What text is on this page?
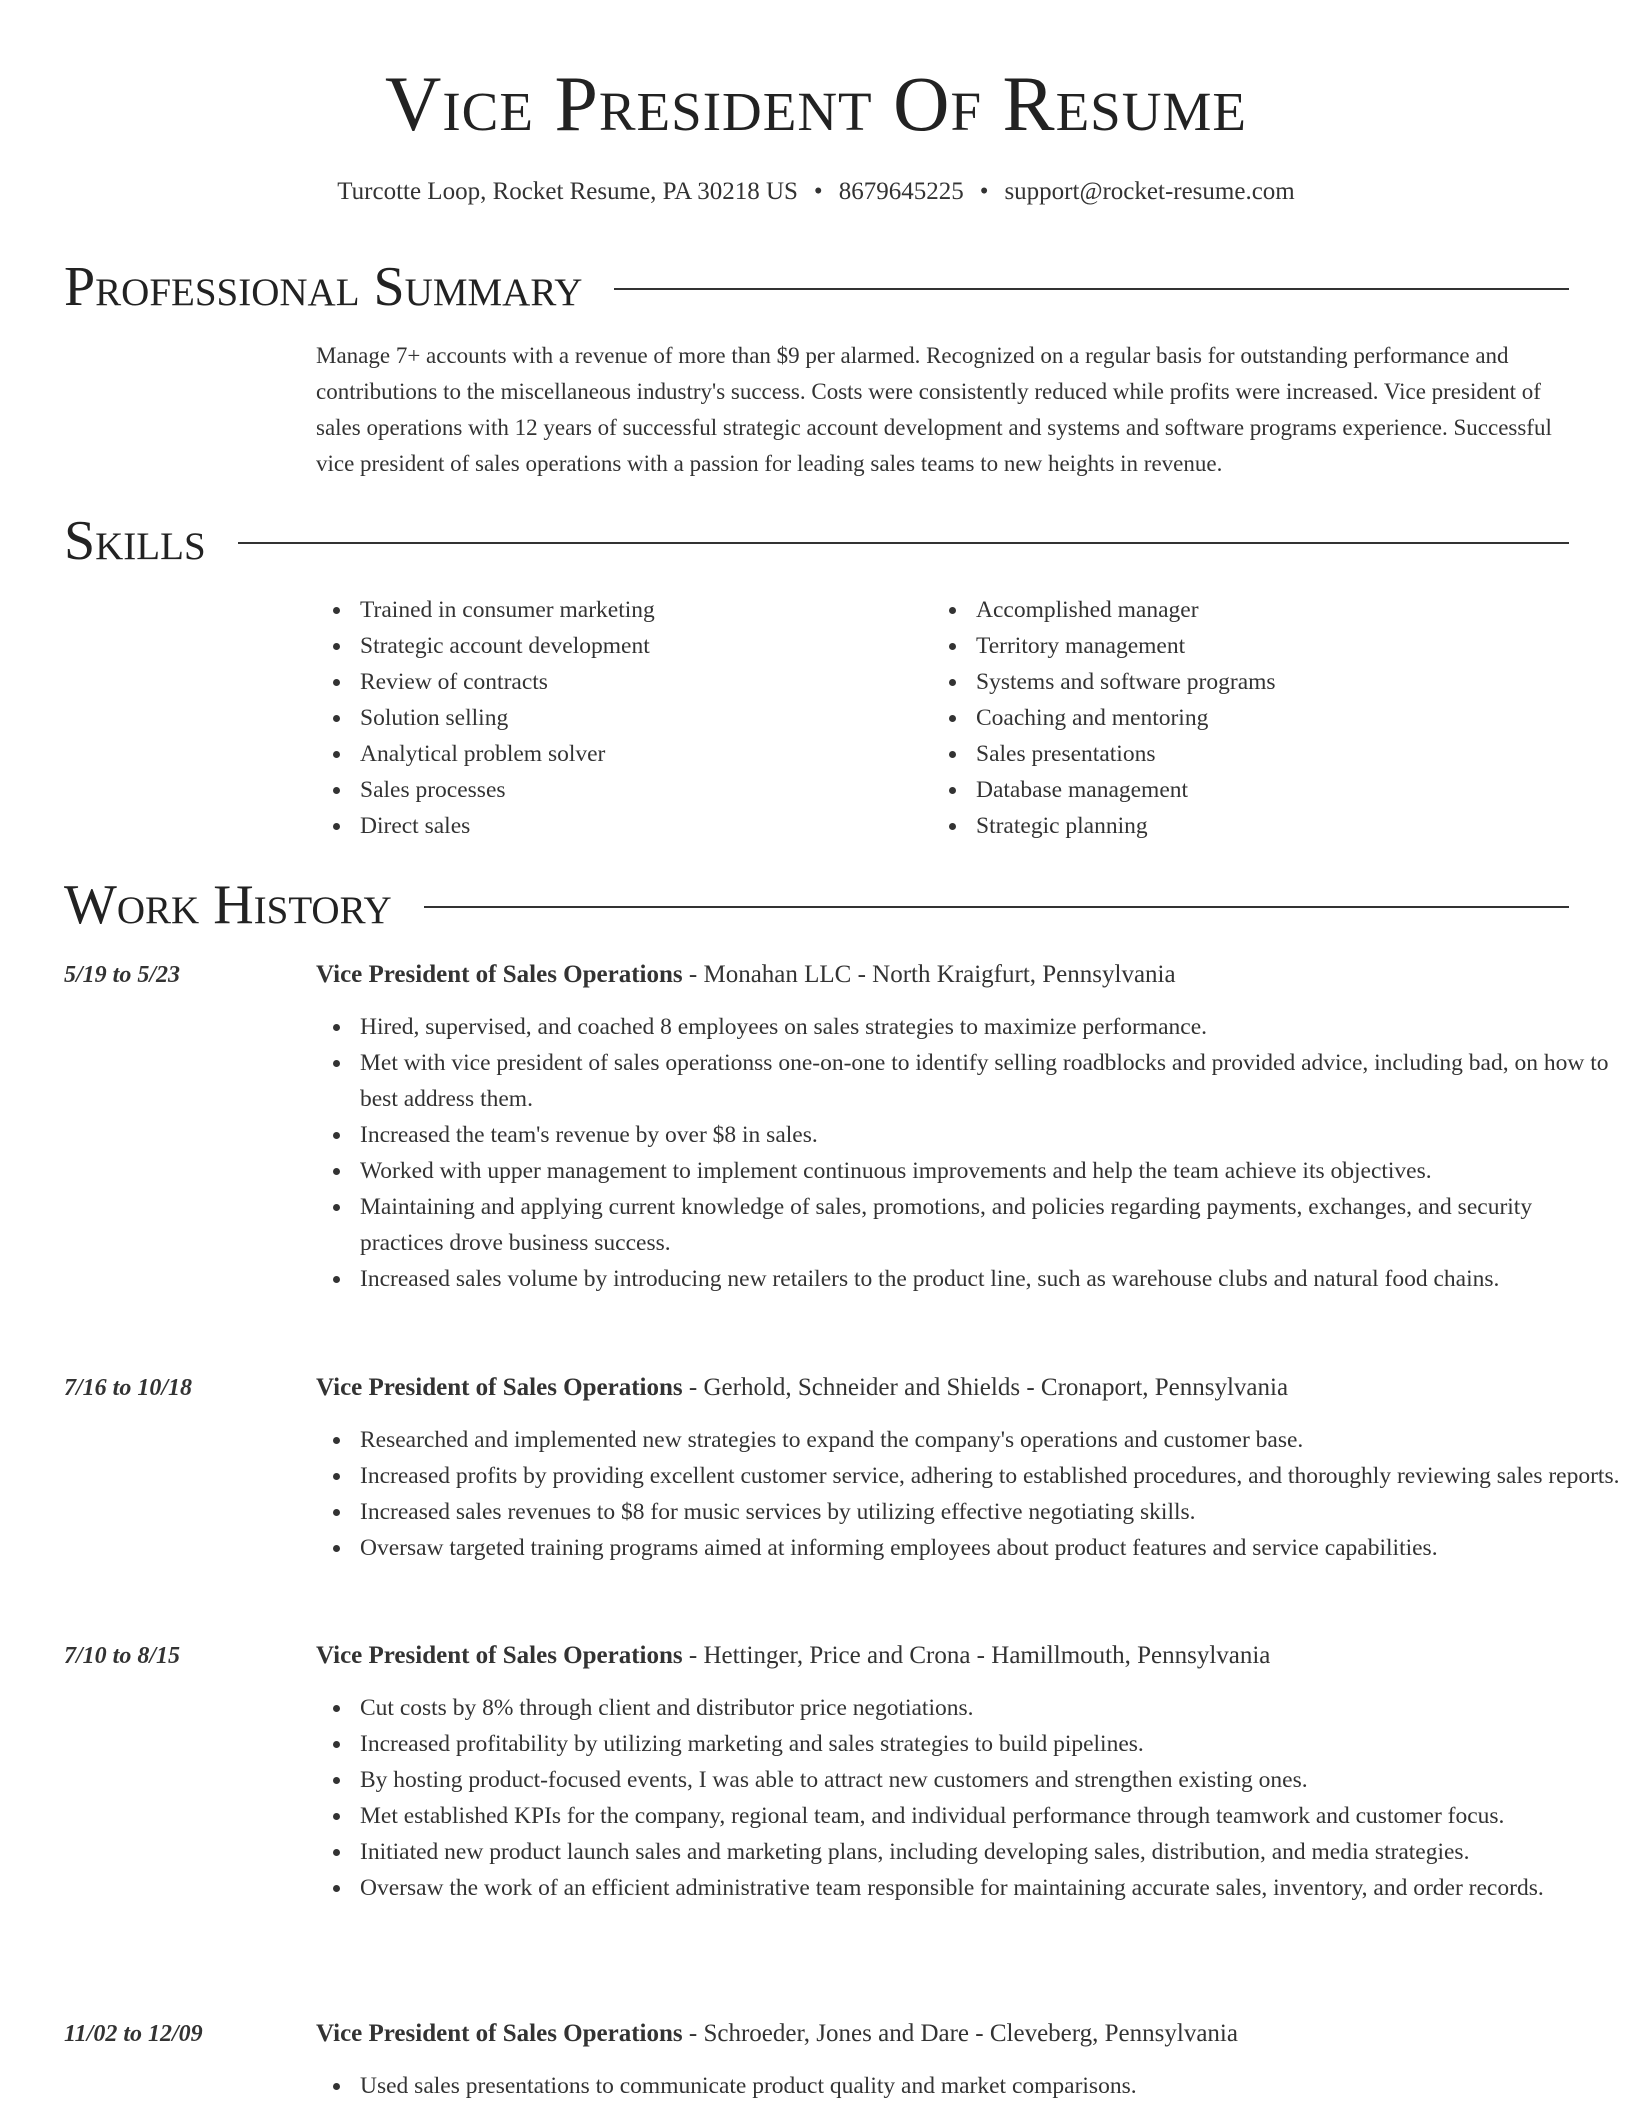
Vice President Of Resume
Turcotte Loop, Rocket Resume, PA 30218 US • 8679645225 • support@rocket-resume.com
Professional Summary

Manage 7+ accounts with a revenue of more than $9 per alarmed. Recognized on a regular basis for outstanding performance and contributions to the miscellaneous industry's success. Costs were consistently reduced while profits were increased. Vice president of sales operations with 12 years of successful strategic account development and systems and software programs experience. Successful vice president of sales operations with a passion for leading sales teams to new heights in revenue.

Skills
Trained in consumer marketing
Strategic account development
Review of contracts
Solution selling
Analytical problem solver
Sales processes
Direct sales
Accomplished manager
Territory management
Systems and software programs
Coaching and mentoring
Sales presentations
Database management
Strategic planning
Work History
5/19 to 5/23	Vice President of Sales Operations - Monahan LLC - North Kraigfurt, Pennsylvania
Hired, supervised, and coached 8 employees on sales strategies to maximize performance.
Met with vice president of sales operationss one-on-one to identify selling roadblocks and provided advice, including bad, on how to best address them.
Increased the team's revenue by over $8 in sales.
Worked with upper management to implement continuous improvements and help the team achieve its objectives.
Maintaining and applying current knowledge of sales, promotions, and policies regarding payments, exchanges, and security practices drove business success.
Increased sales volume by introducing new retailers to the product line, such as warehouse clubs and natural food chains.
7/16 to 10/18	Vice President of Sales Operations - Gerhold, Schneider and Shields - Cronaport, Pennsylvania
Researched and implemented new strategies to expand the company's operations and customer base.
Increased profits by providing excellent customer service, adhering to established procedures, and thoroughly reviewing sales reports.
Increased sales revenues to $8 for music services by utilizing effective negotiating skills.
Oversaw targeted training programs aimed at informing employees about product features and service capabilities.
7/10 to 8/15	Vice President of Sales Operations - Hettinger, Price and Crona - Hamillmouth, Pennsylvania
Cut costs by 8% through client and distributor price negotiations.
Increased profitability by utilizing marketing and sales strategies to build pipelines.
By hosting product-focused events, I was able to attract new customers and strengthen existing ones.
Met established KPIs for the company, regional team, and individual performance through teamwork and customer focus.
Initiated new product launch sales and marketing plans, including developing sales, distribution, and media strategies.
Oversaw the work of an efficient administrative team responsible for maintaining accurate sales, inventory, and order records.
11/02 to 12/09	Vice President of Sales Operations - Schroeder, Jones and Dare - Cleveberg, Pennsylvania
Used sales presentations to communicate product quality and market comparisons.
